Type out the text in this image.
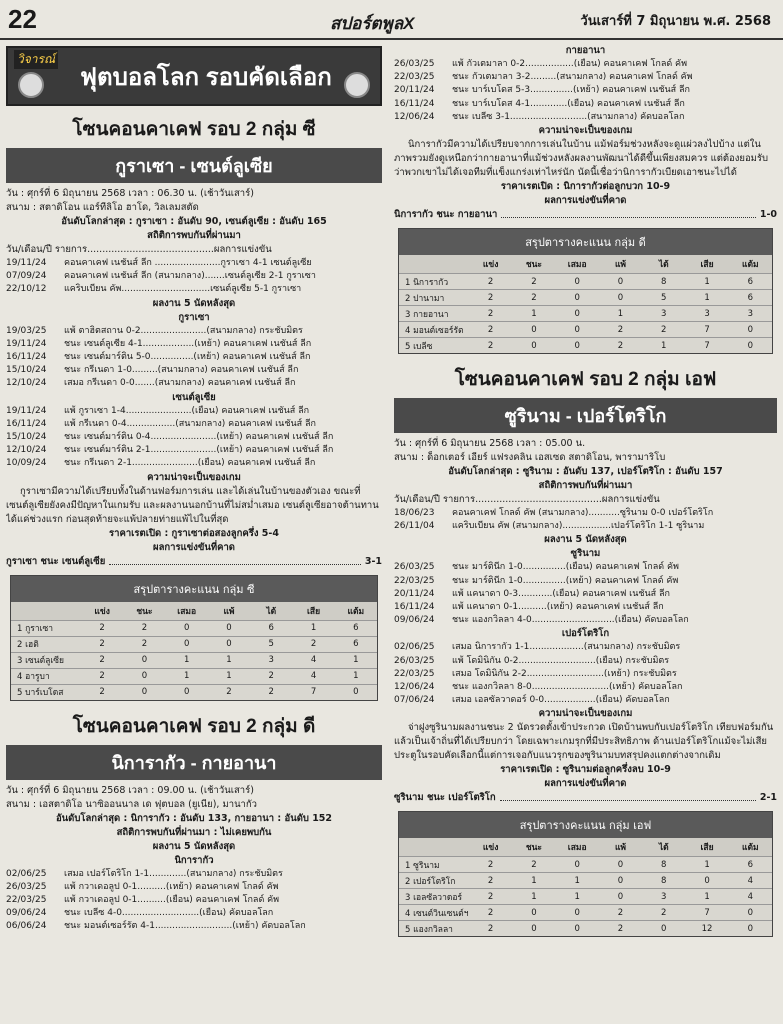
22	สปอร์ตพูลX	วันเสาร์ที่ 7 มิถุนายน พ.ศ. 2568
วิจารณ์
ฟุตบอลโลก รอบคัดเลือก
โซนคอนคาเคฟ รอบ 2 กลุ่ม ซี
กูราเซา - เซนต์ลูเซีย
วัน : ศุกร์ที่ 6 มิถุนายน 2568 เวลา : 06.30 น. (เช้าวันเสาร์)
สนาม : สตาดิโอน แอร์ทีลิโอ ฮาโด, วิลเลมสตัด
อันดับโลกล่าสุด : กูราเซา : อันดับ 90, เซนต์ลูเซีย : อันดับ 165
สถิติการพบกันที่ผ่านมา
วัน/เดือน/ปี รายการ..........................................ผลการแข่งขัน
19/11/24	คอนคาเคฟ เนชั่นส์ ลีก .......................กูราเซา 4-1 เซนต์ลูเซีย
07/09/24	คอนคาเคฟ เนชั่นส์ ลีก (สนามกลาง).......เซนต์ลูเซีย 2-1 กูราเซา
22/10/12	แคริบเบียน คัพ...............................เซนต์ลูเซีย 5-1 กูราเซา
ผลงาน 5 นัดหลังสุด
กูราเซา
19/03/25	แพ้ ตาฮิตสถาน 0-2.......................(สนามกลาง) กระชับมิตร
19/11/24	ชนะ เซนต์ลูเซีย 4-1..................(เหย้า) คอนคาเคฟ เนชั่นส์ ลีก
16/11/24	ชนะ เซนต์มาร์ติน 5-0...............(เหย้า) คอนคาเคฟ เนชั่นส์ ลีก
15/10/24	ชนะ กรีเนดา 1-0.........(สนามกลาง) คอนคาเคฟ เนชั่นส์ ลีก
12/10/24	เสมอ กรีเนดา 0-0.......(สนามกลาง) คอนคาเคฟ เนชั่นส์ ลีก
เซนต์ลูเซีย
19/11/24	แพ้ กูราเซา 1-4.......................(เยือน) คอนคาเคฟ เนชั่นส์ ลีก
16/11/24	แพ้ กรีเนดา 0-4.................(สนามกลาง) คอนคาเคฟ เนชั่นส์ ลีก
15/10/24	ชนะ เซนต์มาร์ติน 0-4.......................(เหย้า) คอนคาเคฟ เนชั่นส์ ลีก
12/10/24	ชนะ เซนต์มาร์ติน 2-1.......................(เหย้า) คอนคาเคฟ เนชั่นส์ ลีก
10/09/24	ชนะ กรีเนดา 2-1.......................(เยือน) คอนคาเคฟ เนชั่นส์ ลีก
ความน่าจะเป็นของเกม
กูราเซามีความได้เปรียบทั้งในด้านฟอร์มการเล่น และได้เล่นในบ้านของตัวเอง ขณะที่เซนต์ลูเซียยังคงมีปัญหาในเกมรับ และผลงานนอกบ้านที่ไม่สม่ำเสมอ เซนต์ลูเซียอาจต้านทานได้แค่ช่วงแรก ก่อนสุดท้ายจะแพ้ปลายท่ายแพ้ไปในที่สุด
ราคาเรตเปิด : กูราเซาต่อสองลูกครึ่ง 5-4
ผลการแข่งขันที่คาด
กูราเซา ชนะ เซนต์ลูเซีย	3-1
สรุปตารางคะแนน กลุ่ม ซี
แข่ง	ชนะ	เสมอ	แพ้	ได้	เสีย	แต้ม
1 กูราเซา	2	2	0	0	6	1	6
2 เฮติ	2	2	0	0	5	2	6
3 เซนต์ลูเซีย	2	0	1	1	3	4	1
4 อารูบา	2	0	1	1	2	4	1
5 บาร์เบโดส	2	0	0	2	2	7	0
โซนคอนคาเคฟ รอบ 2 กลุ่ม ดี
นิการากัว - กายอานา
วัน : ศุกร์ที่ 6 มิถุนายน 2568 เวลา : 09.00 น. (เช้าวันเสาร์)
สนาม : เอสตาดิโอ นาซิออนนาล เด ฟุตบอล (ยูเนีย), มานากัว
อันดับโลกล่าสุด : นิการากัว : อันดับ 133, กายอานา : อันดับ 152
สถิติการพบกันที่ผ่านมา : ไม่เคยพบกัน
ผลงาน 5 นัดหลังสุด
นิการากัว
02/06/25	เสมอ เปอร์โตริโก 1-1.............(สนามกลาง) กระชับมิตร
26/03/25	แพ้ กวาเดอลูป 0-1..........(เหย้า) คอนคาเคฟ โกลด์ คัพ
22/03/25	แพ้ กวาเดอลูป 0-1..........(เยือน) คอนคาเคฟ โกลด์ คัพ
09/06/24	ชนะ เบลีซ 4-0...........................(เยือน) คัดบอลโลก
06/06/24	ชนะ มอนต์เซอร์รัต 4-1...........................(เหย้า) คัดบอลโลก
กายอานา
26/03/25	แพ้ กัวเตมาลา 0-2.................(เยือน) คอนคาเคฟ โกลด์ คัพ
22/03/25	ชนะ กัวเตมาลา 3-2.........(สนามกลาง) คอนคาเคฟ โกลด์ คัพ
20/11/24	ชนะ บาร์เบโดส 5-3...............(เหย้า) คอนคาเคฟ เนชั่นส์ ลีก
16/11/24	ชนะ บาร์เบโดส 4-1.............(เยือน) คอนคาเคฟ เนชั่นส์ ลีก
12/06/24	ชนะ เบลีซ 3-1...........................(สนามกลาง) คัดบอลโลก
ความน่าจะเป็นของเกม
นิการากัวมีความได้เปรียบจากการเล่นในบ้าน แม้ฟอร์มช่วงหลังจะดูแผ่วลงไปบ้าง แต่ในภาพรวมยังดูเหนือกว่ากายอานาที่แม้ช่วงหลังผลงานพัฒนาได้ดีขึ้นเพียงสมควร แต่ต้องยอมรับว่าพวกเขาไม่ได้เจอทีมที่แข็งแกร่งเท่าไหร่นัก นัดนี้เชื่อว่านิการากัวเบียดเอาชนะไปได้
ราคาเรตเปิด : นิการากัวต่อลูกบวก 10-9
ผลการแข่งขันที่คาด
นิการากัว ชนะ กายอานา	1-0
สรุปตารางคะแนน กลุ่ม ดี
แข่ง	ชนะ	เสมอ	แพ้	ได้	เสีย	แต้ม
1 นิการากัว	2	2	0	0	8	1	6
2 ปานามา	2	2	0	0	5	1	6
3 กายอานา	2	1	0	1	3	3	3
4 มอนต์เซอร์รัต	2	0	0	2	2	7	0
5 เบลีซ	2	0	0	2	1	7	0
โซนคอนคาเคฟ รอบ 2 กลุ่ม เอฟ
ซูรินาม - เปอร์โตริโก
วัน : ศุกร์ที่ 6 มิถุนายน 2568 เวลา : 05.00 น.
สนาม : ด็อกเตอร์ เอียร์ แฟรงคลิน เอสเซด สตาดิโอน, พารามาริโบ
อันดับโลกล่าสุด : ซูรินาม : อันดับ 137, เปอร์โตริโก : อันดับ 157
สถิติการพบกันที่ผ่านมา
วัน/เดือน/ปี รายการ..........................................ผลการแข่งขัน
18/06/23	คอนคาเคฟ โกลด์ คัพ (สนามกลาง)...........ซูรินาม 0-0 เปอร์โตริโก
26/11/04	แคริบเบียน คัพ (สนามกลาง).................เปอร์โตริโก 1-1 ซูรินาม
ผลงาน 5 นัดหลังสุด
ซูรินาม
26/03/25	ชนะ มาร์ตินีก 1-0...............(เยือน) คอนคาเคฟ โกลด์ คัพ
22/03/25	ชนะ มาร์ตินีก 1-0...............(เหย้า) คอนคาเคฟ โกลด์ คัพ
20/11/24	แพ้ แคนาดา 0-3............(เยือน) คอนคาเคฟ เนชั่นส์ ลีก
16/11/24	แพ้ แคนาดา 0-1..........(เหย้า) คอนคาเคฟ เนชั่นส์ ลีก
09/06/24	ชนะ แองกวิลลา 4-0.............................(เยือน) คัดบอลโลก
เปอร์โตริโก
02/06/25	เสมอ นิการากัว 1-1...................(สนามกลาง) กระชับมิตร
26/03/25	แพ้ โดมินิกัน 0-2...........................(เยือน) กระชับมิตร
22/03/25	เสมอ โดมินิกัน 2-2...........................(เหย้า) กระชับมิตร
12/06/24	ชนะ แองกวิลลา 8-0...........................(เหย้า) คัดบอลโลก
07/06/24	เสมอ เอลซัลวาดอร์ 0-0..................(เยือน) คัดบอลโลก
ความน่าจะเป็นของเกม
จ่าฝูงซูรินามผลงานชนะ 2 นัดรวดตั้งเข้าประกวด เปิดบ้านพบกับเปอร์โตริโก เทียบฟอร์มกันแล้วเป็นเจ้าถิ่นที่ได้เปรียบกว่า โดยเฉพาะเกมรุกที่มีประสิทธิภาพ ด้านเปอร์โตริโกแม้จะไม่เสียประตูในรอบคัดเลือกนี้แต่การเจอกับแนวรุกของซูรินามบทสรุปคงแตกต่างจากเดิม
ราคาเรตเปิด : ซูรินามต่อลูกครึ่งลบ 10-9
ผลการแข่งขันที่คาด
ซูรินาม ชนะ เปอร์โตริโก	2-1
สรุปตารางคะแนน กลุ่ม เอฟ
แข่ง	ชนะ	เสมอ	แพ้	ได้	เสีย	แต้ม
1 ซูรินาม	2	2	0	0	8	1	6
2 เปอร์โตริโก	2	1	1	0	8	0	4
3 เอลซัลวาดอร์	2	1	1	0	3	1	4
4 เซนต์วินเซนต์ฯ	2	0	0	2	2	7	0
5 แองกวิลลา	2	0	0	2	0	12	0
